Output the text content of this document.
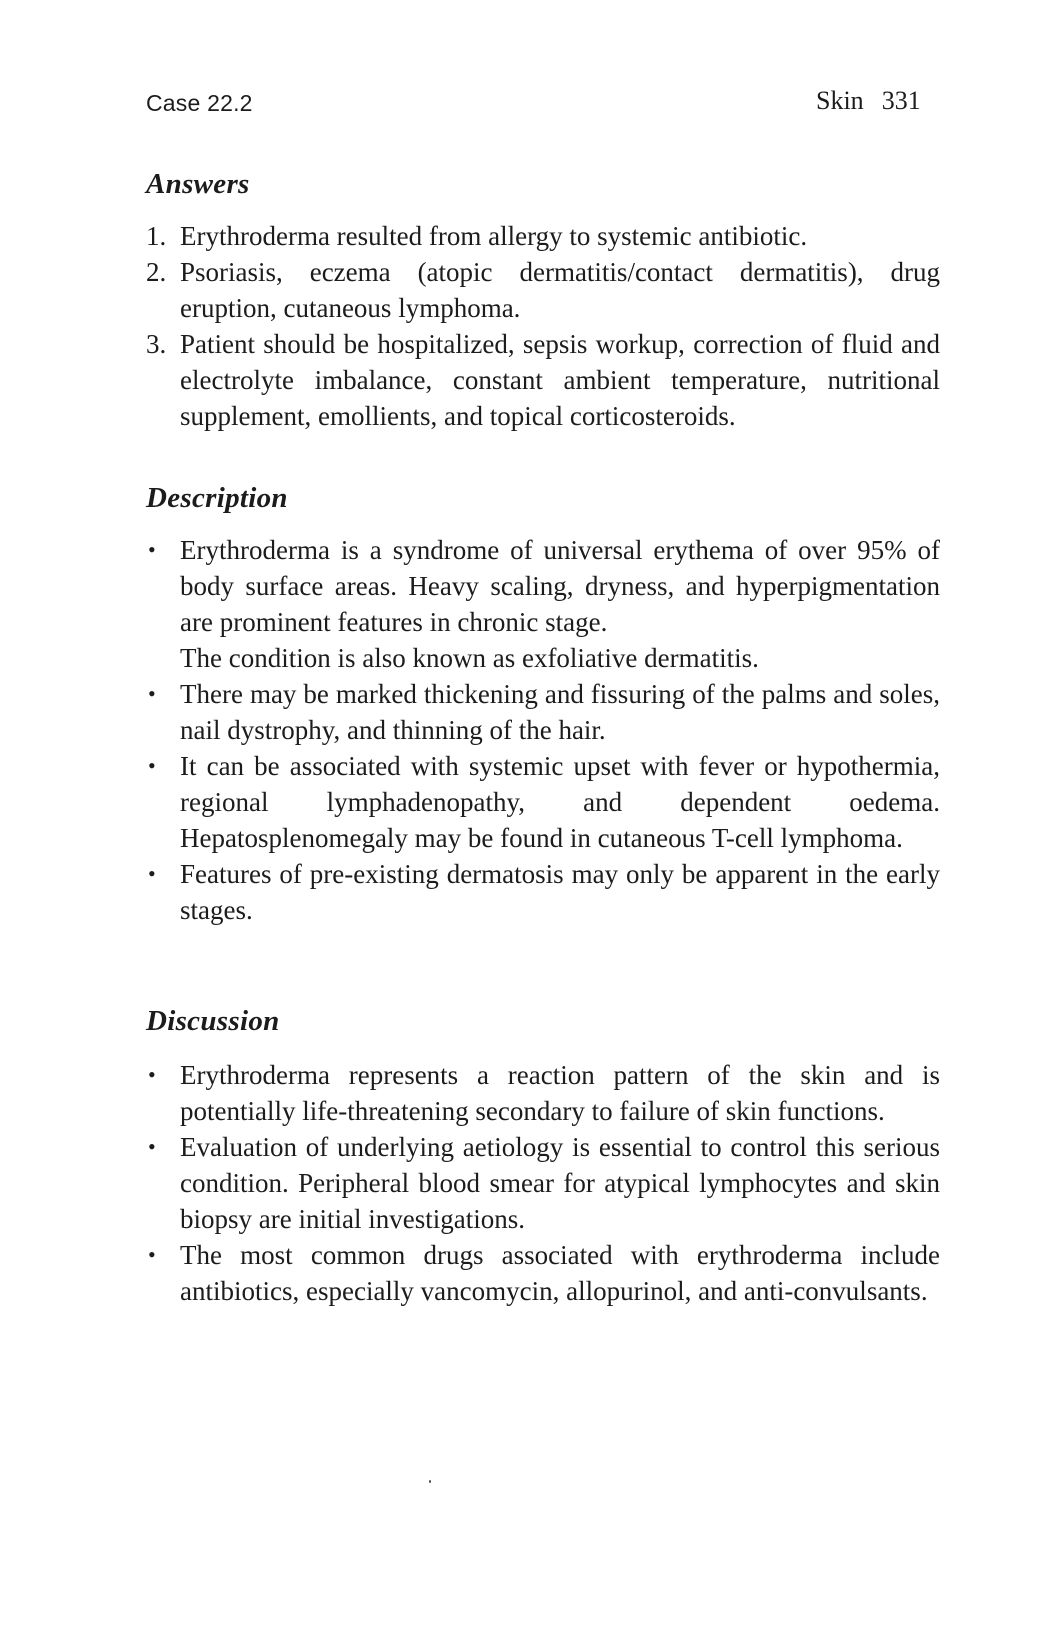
Case 22.2	Skin 331
Answers
1. Erythroderma resulted from allergy to systemic antibiotic.
2. Psoriasis, eczema (atopic dermatitis/contact dermatitis), drug eruption, cutaneous lymphoma.
3. Patient should be hospitalized, sepsis workup, correction of fluid and electrolyte imbalance, constant ambient temperature, nutritional supplement, emollients, and topical corticosteroids.
Description
• Erythroderma is a syndrome of universal erythema of over 95% of body surface areas. Heavy scaling, dryness, and hyperpigmentation are prominent features in chronic stage.
The condition is also known as exfoliative dermatitis.
• There may be marked thickening and fissuring of the palms and soles, nail dystrophy, and thinning of the hair.
• It can be associated with systemic upset with fever or hypothermia, regional lymphadenopathy, and dependent oedema. Hepatosplenomegaly may be found in cutaneous T-cell lymphoma.
• Features of pre-existing dermatosis may only be apparent in the early stages.
Discussion
• Erythroderma represents a reaction pattern of the skin and is potentially life-threatening secondary to failure of skin functions.
• Evaluation of underlying aetiology is essential to control this serious condition. Peripheral blood smear for atypical lymphocytes and skin biopsy are initial investigations.
• The most common drugs associated with erythroderma include antibiotics, especially vancomycin, allopurinol, and anti-convulsants.
